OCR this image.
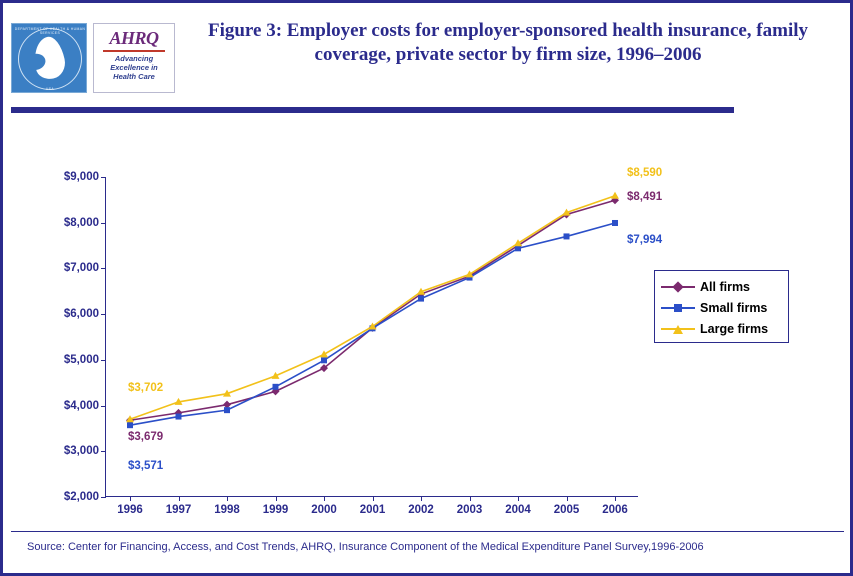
DEPARTMENT OF HEALTH & HUMAN SERVICES
USA
AHRQ
Advancing
Excellence in
Health Care
Figure 3: Employer costs for employer-sponsored health insurance, family coverage, private sector by firm size, 1996–2006
$2,000
$3,000
$4,000
$5,000
$6,000
$7,000
$8,000
$9,000
1996 1997 1998 1999 2000 2001 2002 2003 2004 2005 2006
$3,702
$3,679
$3,571
$8,590
$8,491
$7,994
All firms
Small firms
Large firms
Source: Center for Financing, Access, and Cost Trends, AHRQ, Insurance Component of the Medical Expenditure Panel Survey,1996-2006
